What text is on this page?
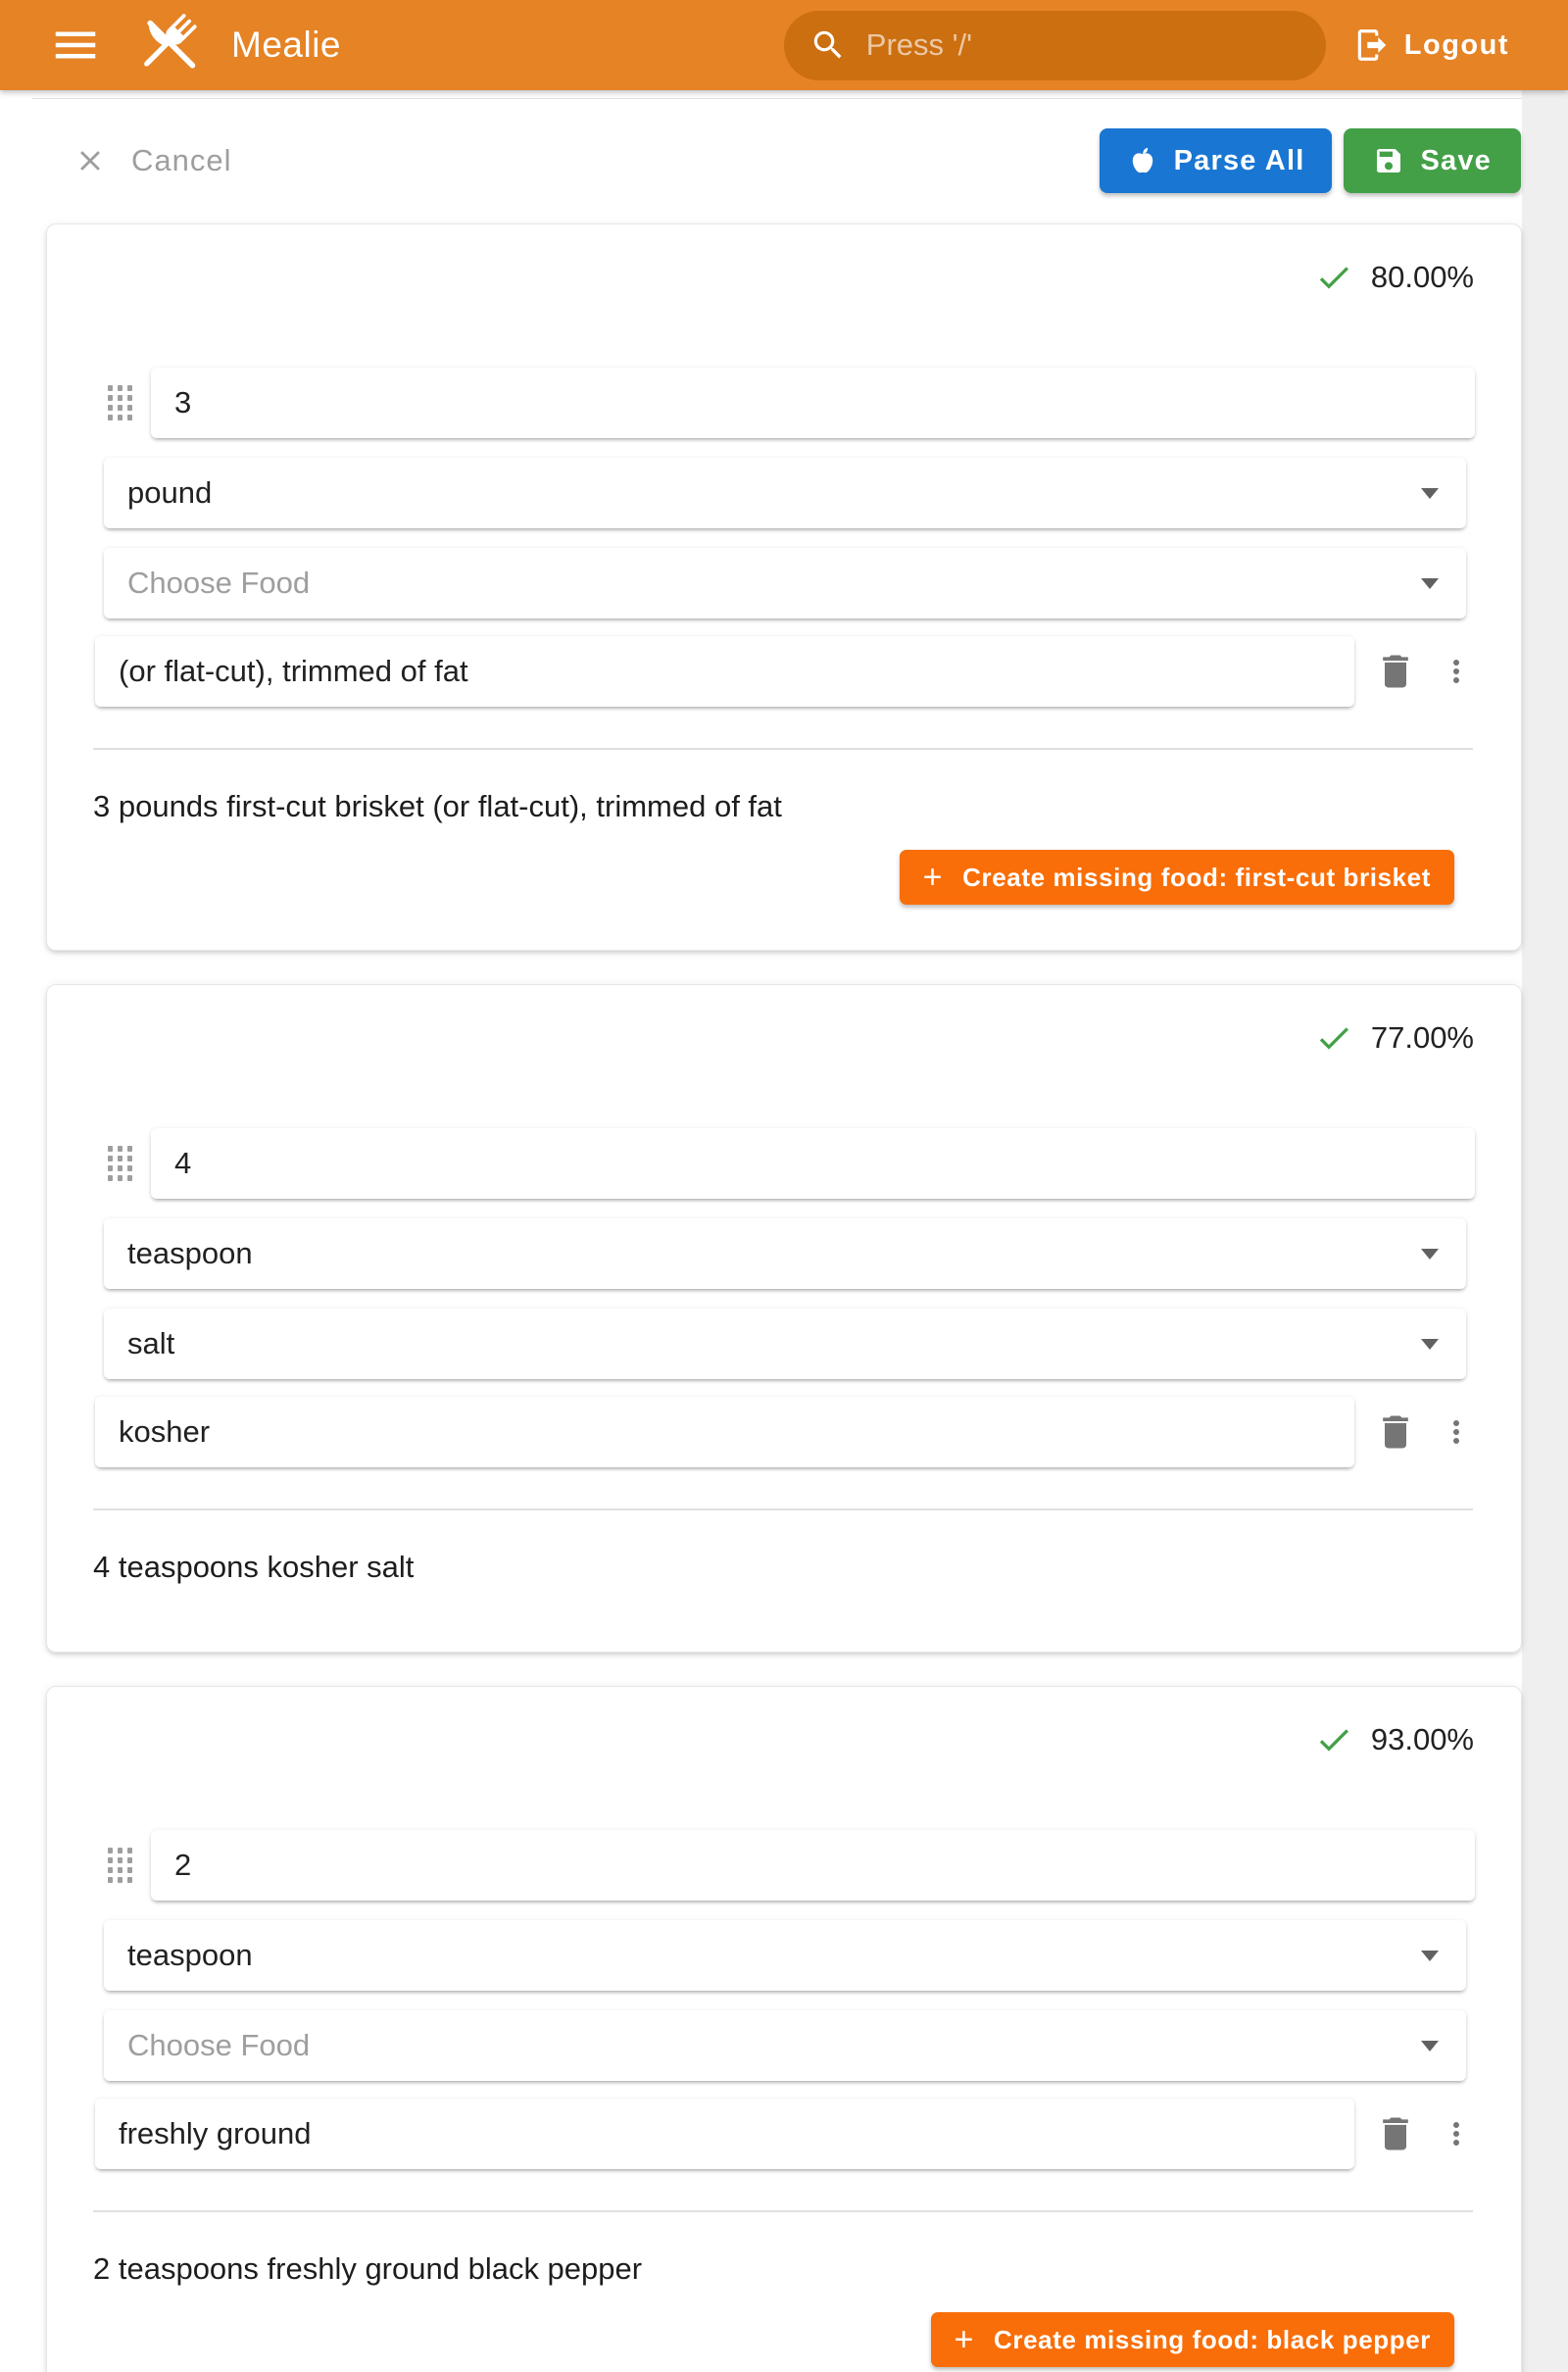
Mealie	Press '/'	Logout
Cancel	Parse All	Save
80.00%
3
pound
Choose Food
(or flat-cut), trimmed of fat

3 pounds first-cut brisket (or flat-cut), trimmed of fat

+ Create missing food: first-cut brisket
77.00%
4
teaspoon
salt
kosher

4 teaspoons kosher salt

93.00%
2
teaspoon
Choose Food
freshly ground

2 teaspoons freshly ground black pepper

+ Create missing food: black pepper
